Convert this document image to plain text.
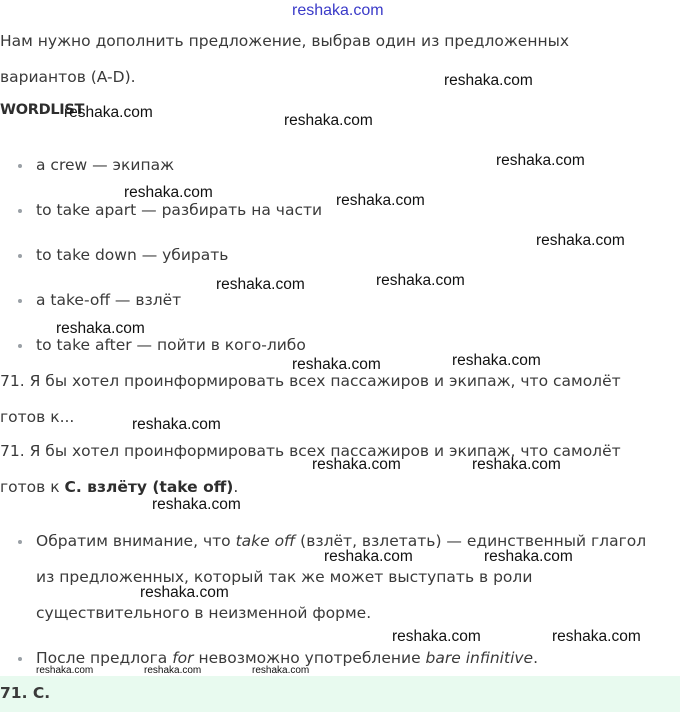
reshaka.com
Нам нужно дополнить предложение, выбрав один из предложенных
вариантов (A-D).
WORDLIST
a crew — экипаж
to take apart — разбирать на части
to take down — убирать
a take-off — взлёт
to take after — пойти в кого-либо
71. Я бы хотел проинформировать всех пассажиров и экипаж, что самолёт
готов к...
71. Я бы хотел проинформировать всех пассажиров и экипаж, что самолёт
готов к C. взлёту (take off).
Обратим внимание, что take off (взлёт, взлетать) — единственный глагол
из предложенных, который так же может выступать в роли
существительного в неизменной форме.
После предлога for невозможно употребление bare infinitive.
71. C.
reshaka.com
reshaka.com	reshaka.com
reshaka.com
reshaka.com	reshaka.com
reshaka.com
reshaka.com	reshaka.com
reshaka.com
reshaka.com	reshaka.com
reshaka.com
reshaka.com	reshaka.com
reshaka.com
reshaka.com	reshaka.com
reshaka.com
reshaka.com	reshaka.com
reshaka.com	reshaka.com	reshaka.com
